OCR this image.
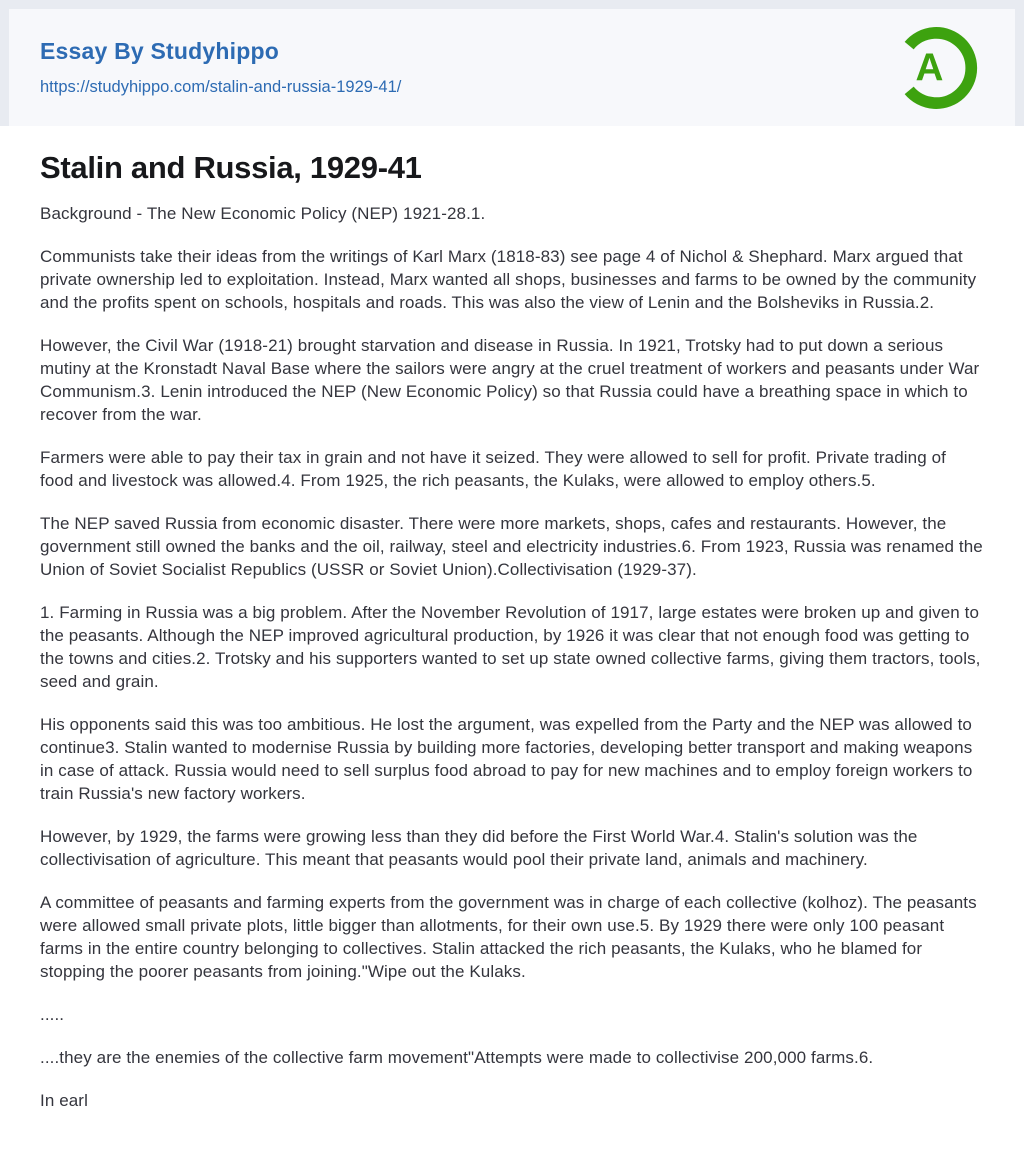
Essay By Studyhippo
https://studyhippo.com/stalin-and-russia-1929-41/	A
Stalin and Russia, 1929-41

Background - The New Economic Policy (NEP) 1921-28.1.

Communists take their ideas from the writings of Karl Marx (1818-83) see page 4 of Nichol & Shephard. Marx argued that private ownership led to exploitation. Instead, Marx wanted all shops, businesses and farms to be owned by the community and the profits spent on schools, hospitals and roads. This was also the view of Lenin and the Bolsheviks in Russia.2.

However, the Civil War (1918-21) brought starvation and disease in Russia. In 1921, Trotsky had to put down a serious mutiny at the Kronstadt Naval Base where the sailors were angry at the cruel treatment of workers and peasants under War Communism.3. Lenin introduced the NEP (New Economic Policy) so that Russia could have a breathing space in which to recover from the war.

Farmers were able to pay their tax in grain and not have it seized. They were allowed to sell for profit. Private trading of food and livestock was allowed.4. From 1925, the rich peasants, the Kulaks, were allowed to employ others.5.

The NEP saved Russia from economic disaster. There were more markets, shops, cafes and restaurants. However, the government still owned the banks and the oil, railway, steel and electricity industries.6. From 1923, Russia was renamed the Union of Soviet Socialist Republics (USSR or Soviet Union).Collectivisation (1929-37).

1. Farming in Russia was a big problem. After the November Revolution of 1917, large estates were broken up and given to the peasants. Although the NEP improved agricultural production, by 1926 it was clear that not enough food was getting to the towns and cities.2. Trotsky and his supporters wanted to set up state owned collective farms, giving them tractors, tools, seed and grain.

His opponents said this was too ambitious. He lost the argument, was expelled from the Party and the NEP was allowed to continue3. Stalin wanted to modernise Russia by building more factories, developing better transport and making weapons in case of attack. Russia would need to sell surplus food abroad to pay for new machines and to employ foreign workers to train Russia's new factory workers.

However, by 1929, the farms were growing less than they did before the First World War.4. Stalin's solution was the collectivisation of agriculture. This meant that peasants would pool their private land, animals and machinery.

A committee of peasants and farming experts from the government was in charge of each collective (kolhoz). The peasants were allowed small private plots, little bigger than allotments, for their own use.5. By 1929 there were only 100 peasant farms in the entire country belonging to collectives. Stalin attacked the rich peasants, the Kulaks, who he blamed for stopping the poorer peasants from joining."Wipe out the Kulaks.

.....

....they are the enemies of the collective farm movement"Attempts were made to collectivise 200,000 farms.6.

In earl
